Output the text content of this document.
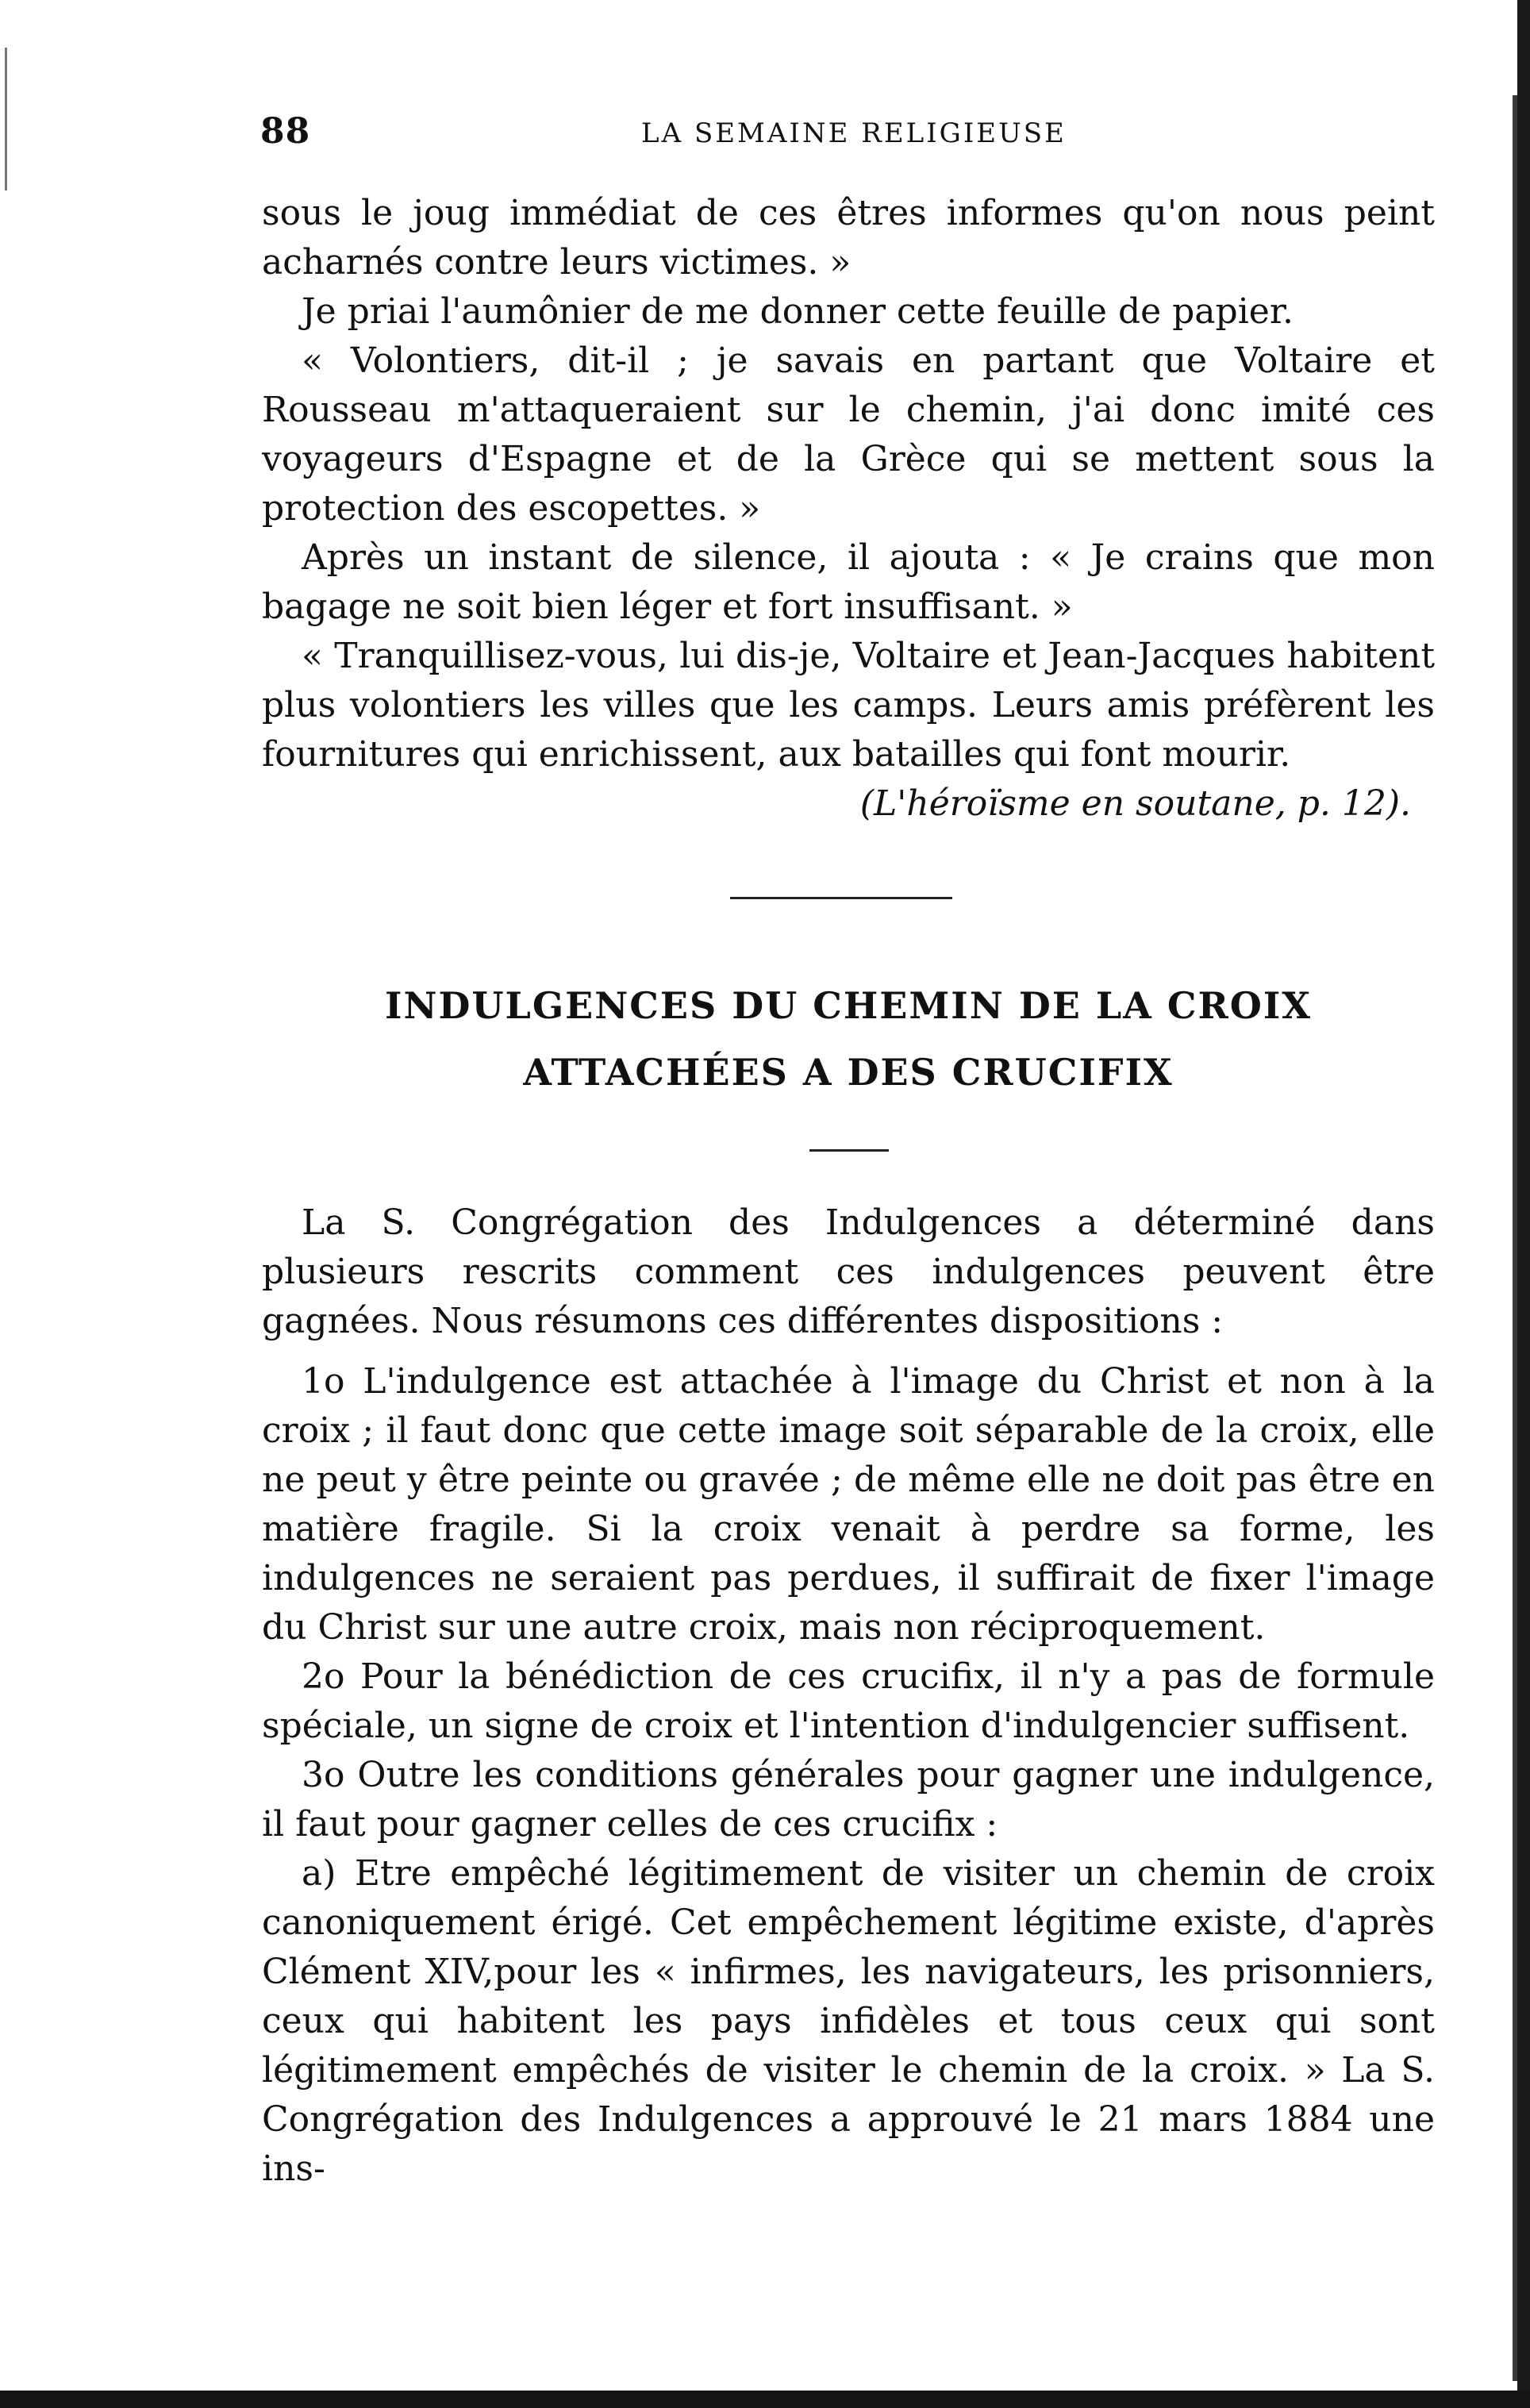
88	LA SEMAINE RELIGIEUSE

sous le joug immédiat de ces êtres informes qu'on nous peint acharnés contre leurs victimes. »

Je priai l'aumônier de me donner cette feuille de papier.

« Volontiers, dit-il ; je savais en partant que Voltaire et Rousseau m'attaqueraient sur le chemin, j'ai donc imité ces voyageurs d'Espagne et de la Grèce qui se mettent sous la protection des escopettes. »

Après un instant de silence, il ajouta : « Je crains que mon bagage ne soit bien léger et fort insuffisant. »

« Tranquillisez-vous, lui dis-je, Voltaire et Jean-Jacques habitent plus volontiers les villes que les camps. Leurs amis préfèrent les fournitures qui enrichissent, aux batailles qui font mourir.

(L'héroïsme en soutane, p. 12).

INDULGENCES DU CHEMIN DE LA CROIX
ATTACHÉES A DES CRUCIFIX

La S. Congrégation des Indulgences a déterminé dans plusieurs rescrits comment ces indulgences peuvent être gagnées. Nous résumons ces différentes dispositions :

1o L'indulgence est attachée à l'image du Christ et non à la croix ; il faut donc que cette image soit séparable de la croix, elle ne peut y être peinte ou gravée ; de même elle ne doit pas être en matière fragile. Si la croix venait à perdre sa forme, les indulgences ne seraient pas perdues, il suffirait de fixer l'image du Christ sur une autre croix, mais non réciproquement.

2o Pour la bénédiction de ces crucifix, il n'y a pas de formule spéciale, un signe de croix et l'intention d'indulgencier suffisent.

3o Outre les conditions générales pour gagner une indulgence, il faut pour gagner celles de ces crucifix :

a) Etre empêché légitimement de visiter un chemin de croix canoniquement érigé. Cet empêchement légitime existe, d'après Clément XIV,pour les « infirmes, les navigateurs, les prisonniers, ceux qui habitent les pays infidèles et tous ceux qui sont légitimement empêchés de visiter le chemin de la croix. » La S. Congrégation des Indulgences a approuvé le 21 mars 1884 une ins-
